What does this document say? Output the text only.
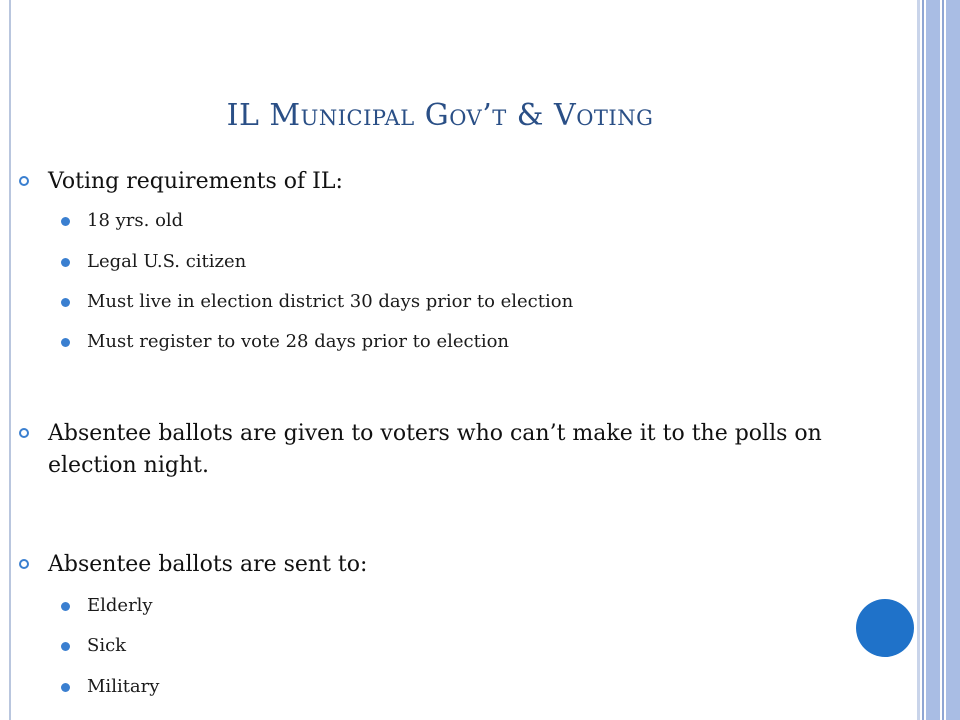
IL Municipal Gov’t & Voting
Voting requirements of IL:
18 yrs. old
Legal U.S. citizen
Must live in election district 30 days prior to election
Must register to vote 28 days prior to election
Absentee ballots are given to voters who can’t make it to the polls on election night.
Absentee ballots are sent to:
Elderly
Sick
Military
